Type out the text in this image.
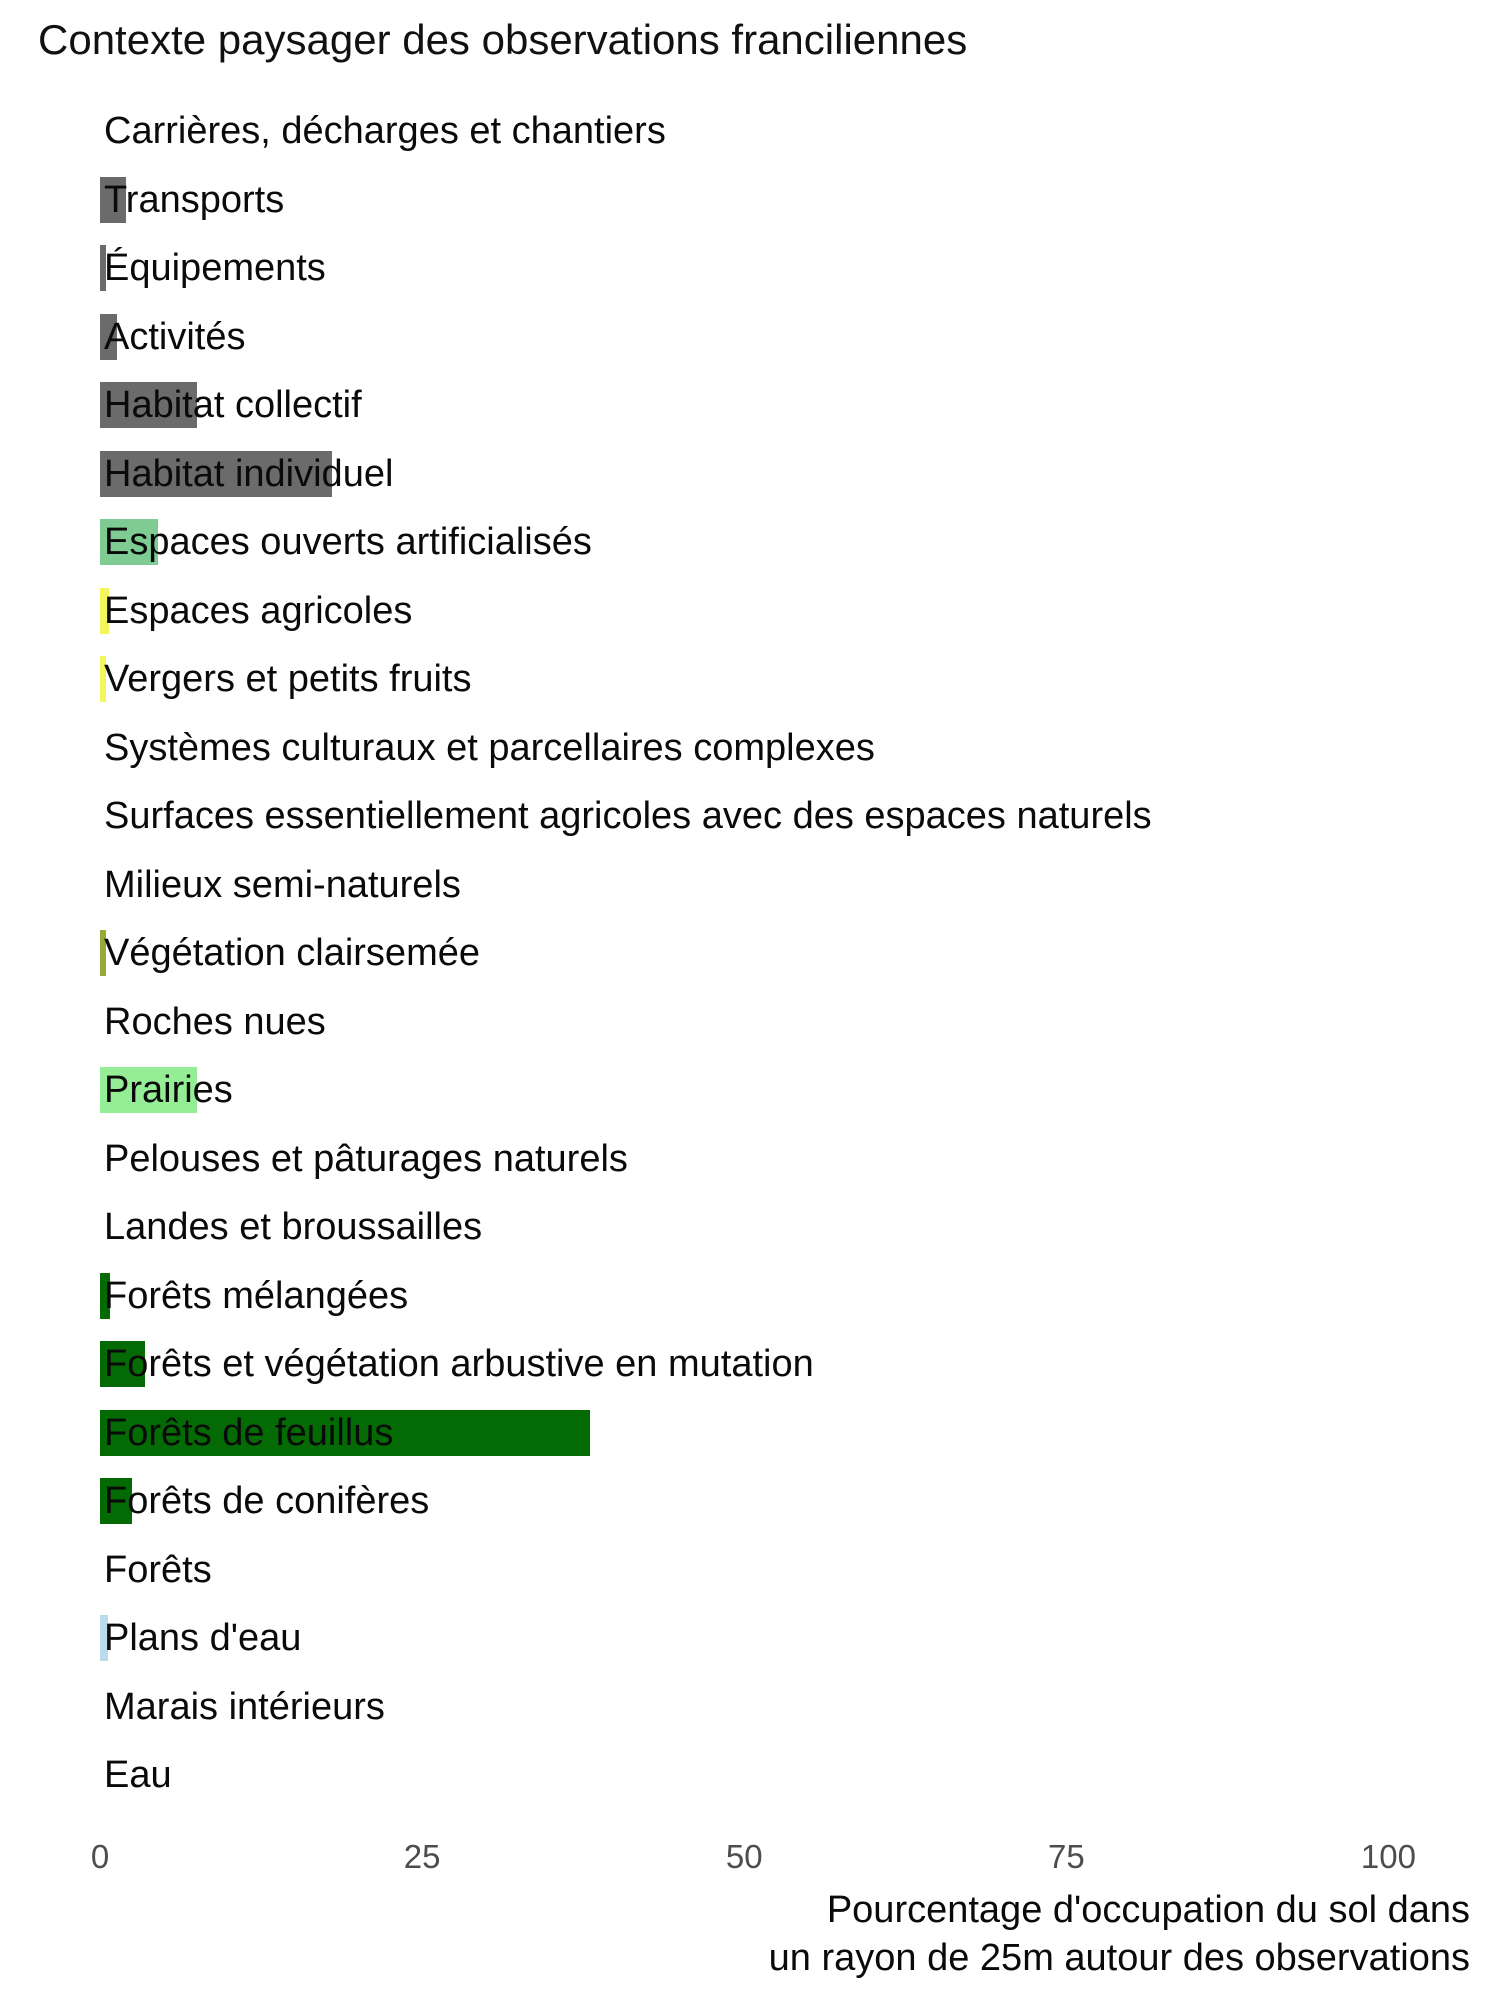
Contexte paysager des observations franciliennes
Carrières, décharges et chantiers
Transports
Équipements
Activités
Habitat collectif
Habitat individuel
Espaces ouverts artificialisés
Espaces agricoles
Vergers et petits fruits
Systèmes culturaux et parcellaires complexes
Surfaces essentiellement agricoles avec des espaces naturels
Milieux semi-naturels
Végétation clairsemée
Roches nues
Prairies
Pelouses et pâturages naturels
Landes et broussailles
Forêts mélangées
Forêts et végétation arbustive en mutation
Forêts de feuillus
Forêts de conifères
Forêts
Plans d'eau
Marais intérieurs
Eau
0	25	50	75	100
Pourcentage d'occupation du sol dans
un rayon de 25m autour des observations
